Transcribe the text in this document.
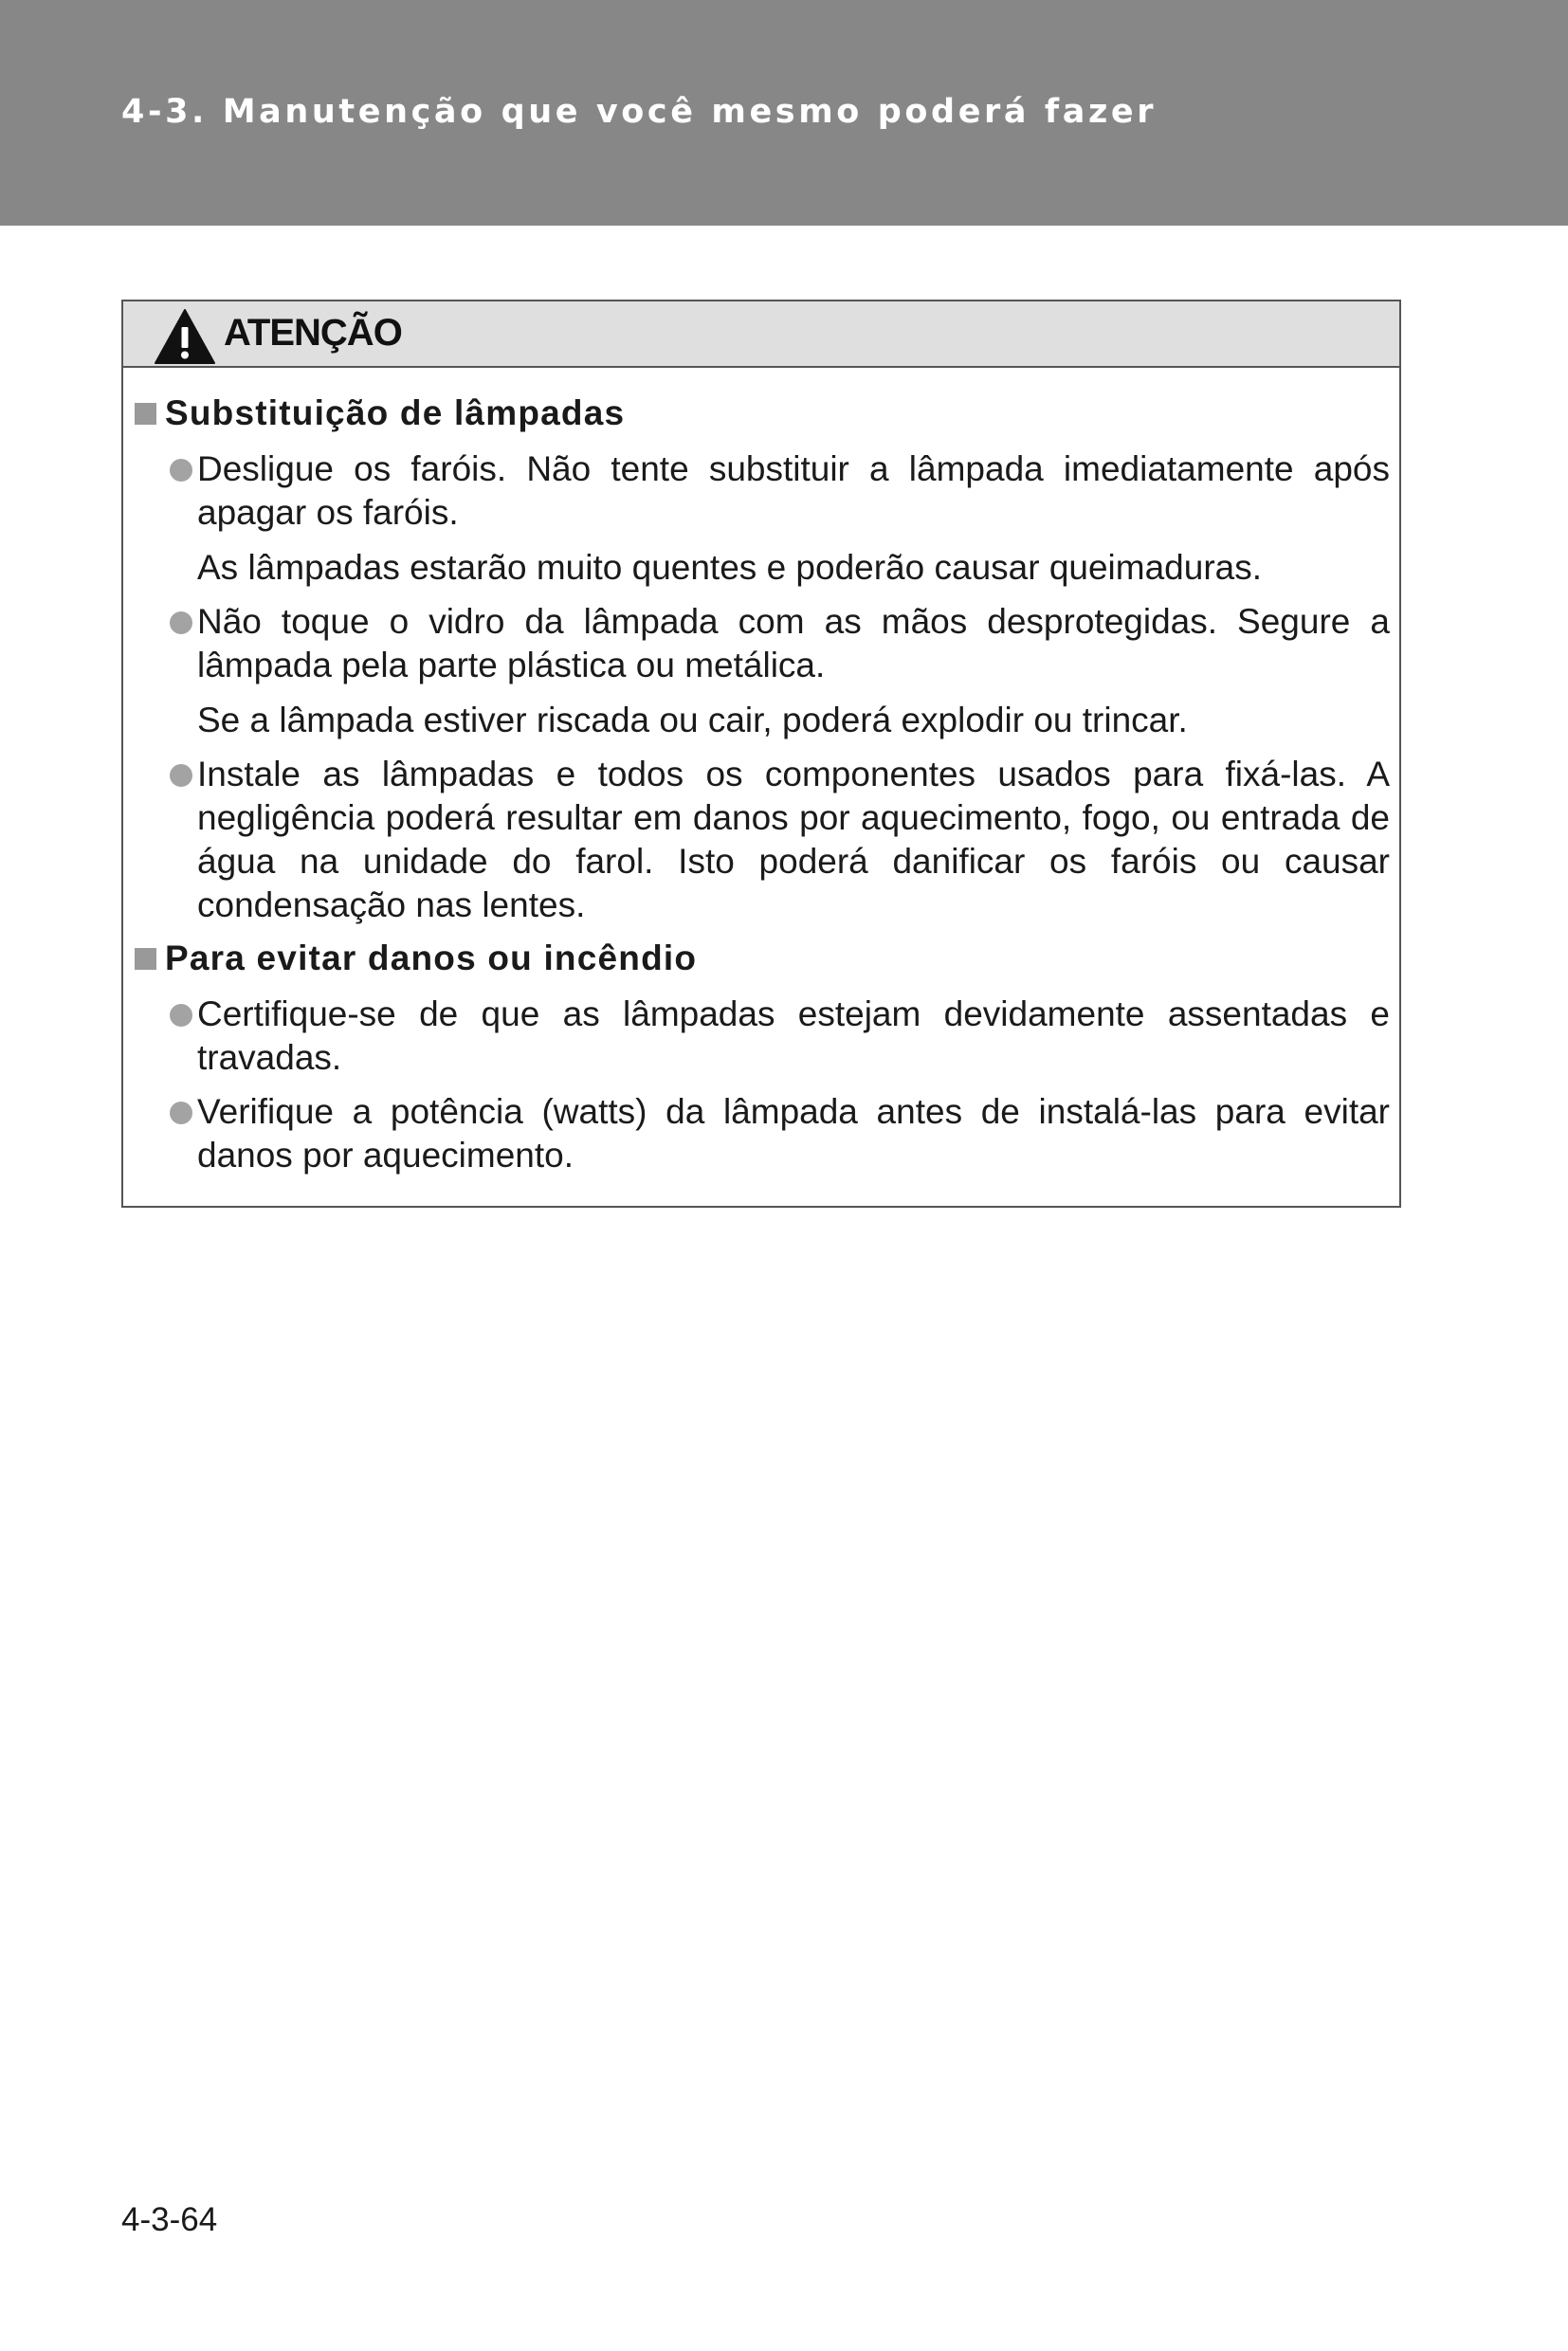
4-3. Manutenção que você mesmo poderá fazer
ATENÇÃO
Substituição de lâmpadas
Desligue os faróis. Não tente substituir a lâmpada imediatamente após apagar os faróis.
As lâmpadas estarão muito quentes e poderão causar queimaduras.
Não toque o vidro da lâmpada com as mãos desprotegidas. Segure a lâmpada pela parte plástica ou metálica.
Se a lâmpada estiver riscada ou cair, poderá explodir ou trincar.
Instale as lâmpadas e todos os componentes usados para fixá-las. A negligência poderá resultar em danos por aquecimento, fogo, ou entrada de água na unidade do farol. Isto poderá danificar os faróis ou causar condensação nas lentes.
Para evitar danos ou incêndio
Certifique-se de que as lâmpadas estejam devidamente assentadas e travadas.
Verifique a potência (watts) da lâmpada antes de instalá-las para evitar danos por aquecimento.
4-3-64
